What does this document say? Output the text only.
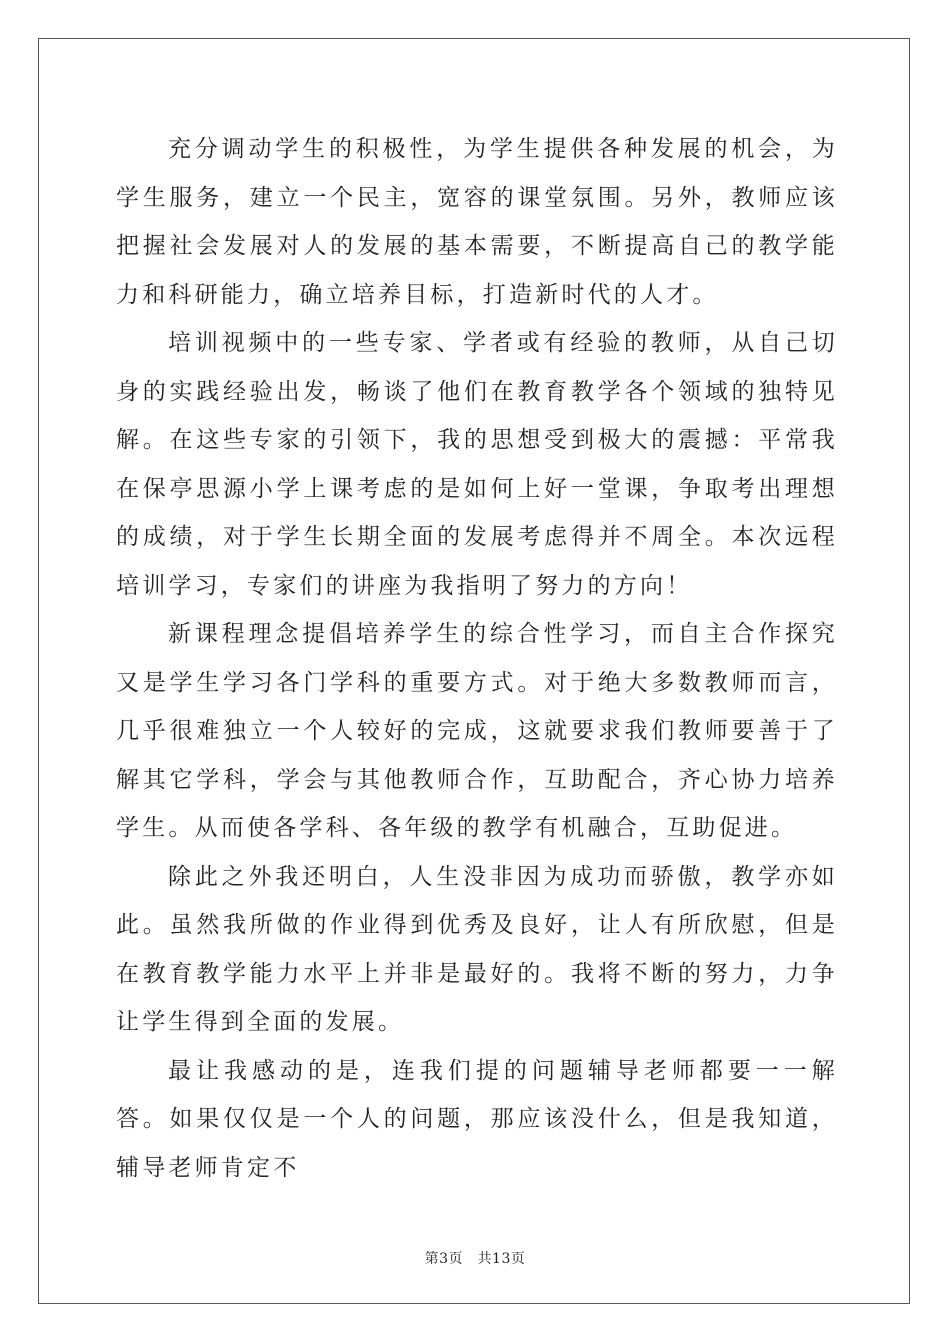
充分调动学生的积极性，为学生提供各种发展的机会，为学生服务，建立一个民主，宽容的课堂氛围。另外，教师应该把握社会发展对人的发展的基本需要，不断提高自己的教学能力和科研能力，确立培养目标，打造新时代的人才。

培训视频中的一些专家、学者或有经验的教师，从自己切身的实践经验出发，畅谈了他们在教育教学各个领域的独特见解。在这些专家的引领下，我的思想受到极大的震撼：平常我在保亭思源小学上课考虑的是如何上好一堂课，争取考出理想的成绩，对于学生长期全面的发展考虑得并不周全。本次远程培训学习，专家们的讲座为我指明了努力的方向！

新课程理念提倡培养学生的综合性学习，而自主合作探究又是学生学习各门学科的重要方式。对于绝大多数教师而言，几乎很难独立一个人较好的完成，这就要求我们教师要善于了解其它学科，学会与其他教师合作，互助配合，齐心协力培养学生。从而使各学科、各年级的教学有机融合，互助促进。

除此之外我还明白，人生没非因为成功而骄傲，教学亦如此。虽然我所做的作业得到优秀及良好，让人有所欣慰，但是在教育教学能力水平上并非是最好的。我将不断的努力，力争让学生得到全面的发展。

最让我感动的是，连我们提的问题辅导老师都要一一解答。如果仅仅是一个人的问题，那应该没什么，但是我知道，辅导老师肯定不

第3页　共13页
